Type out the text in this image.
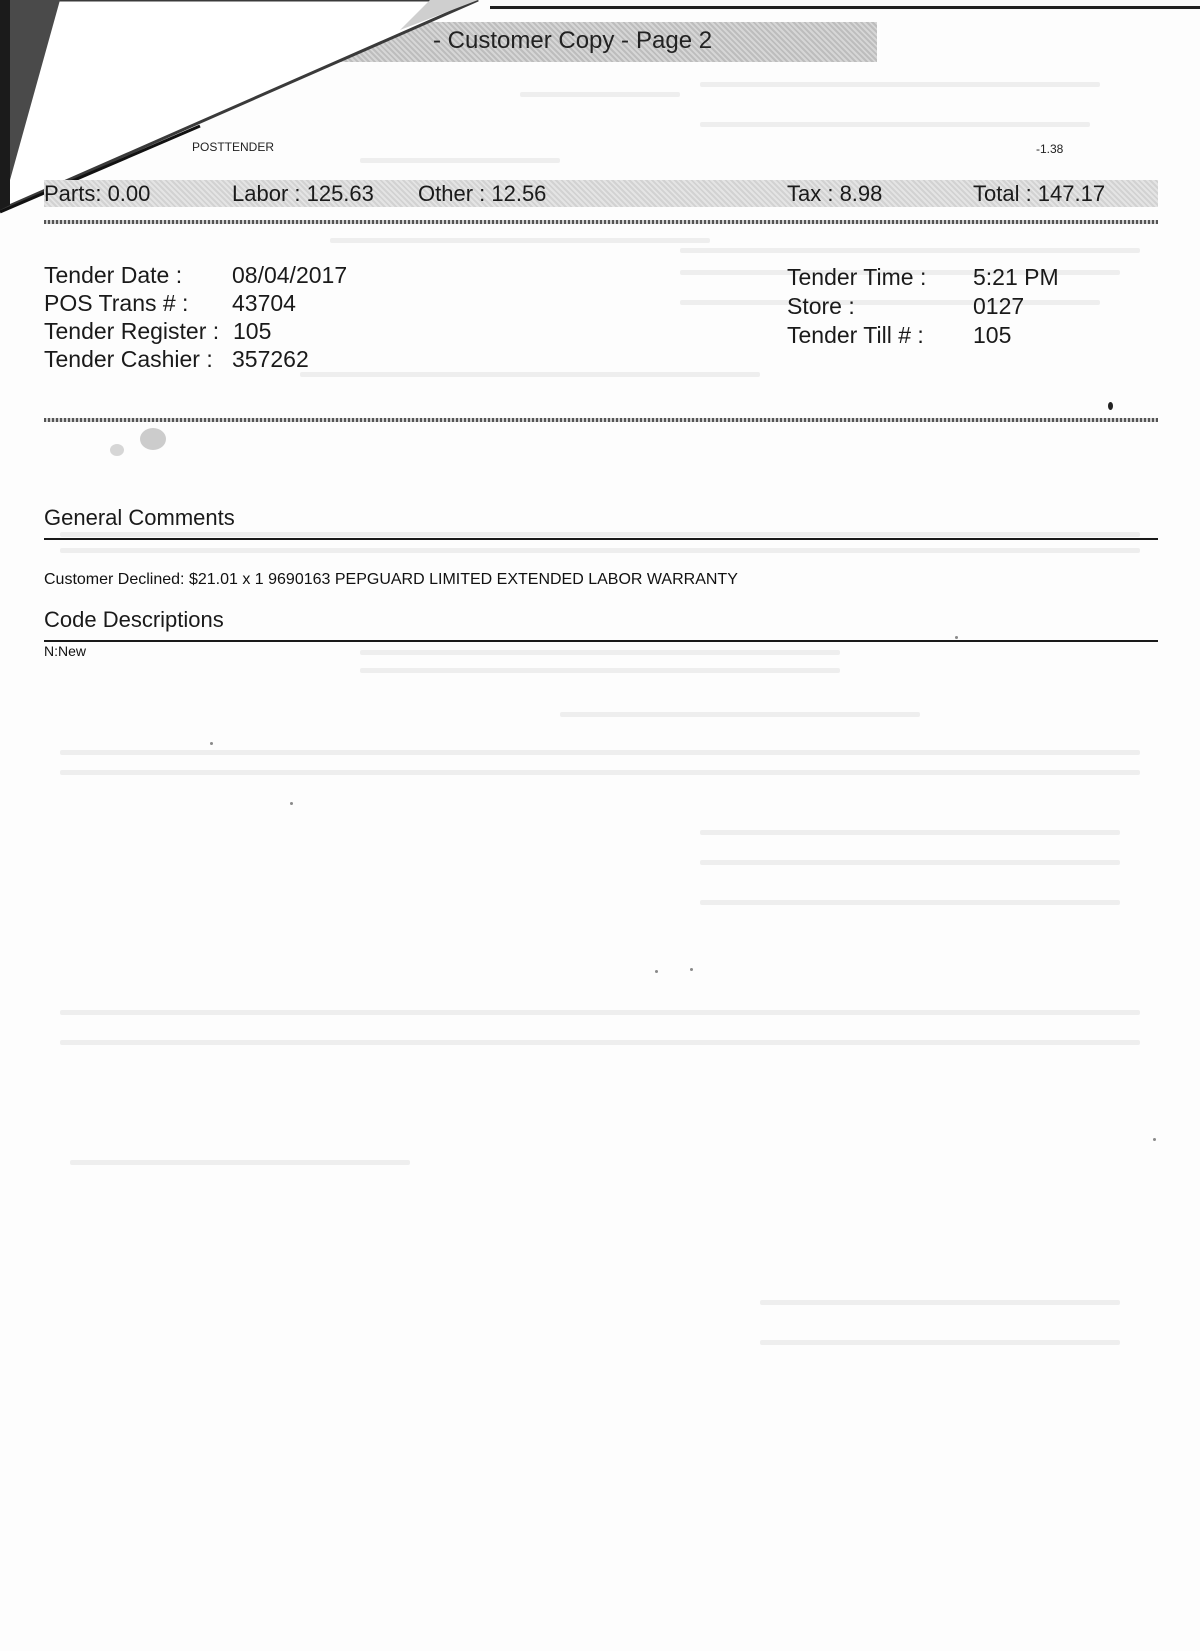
- Customer Copy - Page 2
POSTTENDER	-1.38
Parts: 0.00	Labor : 125.63 Other : 12.56	Tax : 8.98	Total : 147.17
Tender Date : 08/04/2017
POS Trans # : 43704
Tender Register : 105
Tender Cashier : 357262
Tender Time : 5:21 PM
Store :	0127
Tender Till # : 105
General Comments
Customer Declined: $21.01 x 1 9690163 PEPGUARD LIMITED EXTENDED LABOR WARRANTY
Code Descriptions
N:New
